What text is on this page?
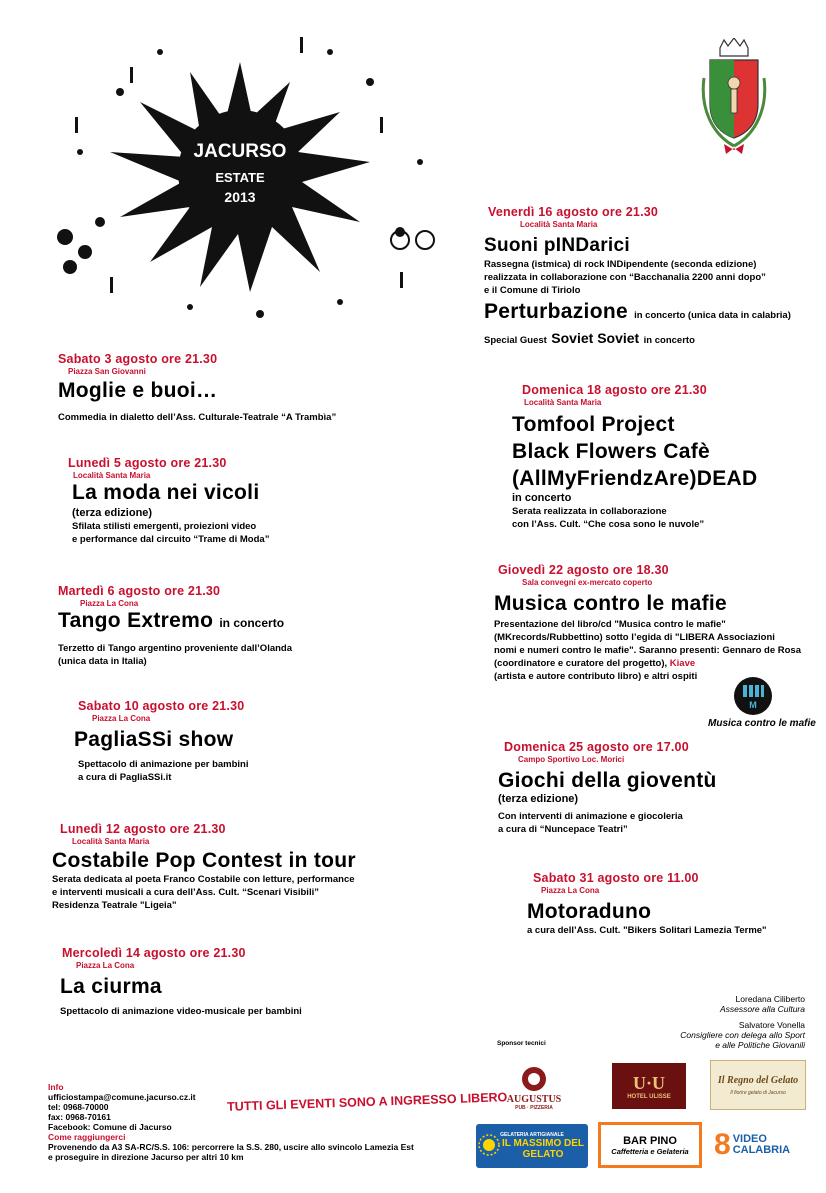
JACURSO
ESTATE
2013
Sabato 3 agosto ore 21.30
Piazza San Giovanni
Moglie e buoi…
Commedia in dialetto dell’Ass. Culturale-Teatrale “A Trambìa”
Lunedì 5 agosto ore 21.30
Località Santa Maria
La moda nei vicoli
(terza edizione)
Sfilata stilisti emergenti, proiezioni video
e performance dal circuito “Trame di Moda”
Martedì 6 agosto ore 21.30
Piazza La Cona
Tango Extremo in concerto
Terzetto di Tango argentino proveniente dall’Olanda
(unica data in Italia)
Sabato 10 agosto ore 21.30
Piazza La Cona
PagliaSSi show
Spettacolo di animazione per bambini
a cura di PagliaSSi.it
Lunedì 12 agosto ore 21.30
Località Santa Maria
Costabile Pop Contest in tour
Serata dedicata al poeta Franco Costabile con letture, performance
e interventi musicali a cura dell’Ass. Cult. “Scenari Visibili”
Residenza Teatrale "Ligeia"
Mercoledì 14 agosto ore 21.30
Piazza La Cona
La ciurma
Spettacolo di animazione video-musicale per bambini
Venerdì 16 agosto ore 21.30
Località Santa Maria
Suoni pINDarici
Rassegna (istmica) di rock INDipendente (seconda edizione)
realizzata in collaborazione con “Bacchanalia 2200 anni dopo”
e il Comune di Tiriolo
Perturbazione in concerto (unica data in calabria)
Special Guest Soviet Soviet in concerto
Domenica 18 agosto ore 21.30
Località Santa Maria
Tomfool Project
Black Flowers Cafè
(AllMyFriendzAre)DEAD
in concerto
Serata realizzata in collaborazione
con l’Ass. Cult. “Che cosa sono le nuvole”
Giovedì 22 agosto ore 18.30
Sala convegni ex-mercato coperto
Musica contro le mafie
Presentazione del libro/cd "Musica contro le mafie"
(MKrecords/Rubbettino) sotto l’egida di "LIBERA Associazioni
nomi e numeri contro le mafie". Saranno presenti: Gennaro de Rosa
(coordinatore e curatore del progetto), Kiave
(artista e autore contributo libro) e altri ospiti
M
Musica contro le mafie
Domenica 25 agosto ore 17.00
Campo Sportivo Loc. Morici
Giochi della gioventù
(terza edizione)
Con interventi di animazione e giocoleria
a cura di “Nuncepace Teatri”
Sabato 31 agosto ore 11.00
Piazza La Cona
Motoraduno
a cura dell’Ass. Cult. "Bikers Solitari Lamezia Terme"
Loredana Ciliberto
Assessore alla Cultura
Salvatore Vonella
Consigliere con delega allo Sport
e alle Politiche Giovanili
TUTTI GLI EVENTI SONO A INGRESSO LIBERO
Info
ufficiostampa@comune.jacurso.cz.it
tel: 0968-70000
fax: 0968-70161
Facebook: Comune di Jacurso
Come raggiungerci
Provenendo da A3 SA-RC/S.S. 106: percorrere la S.S. 280, uscire allo svincolo Lamezia Est
e proseguire in direzione Jacurso per altri 10 km
Sponsor tecnici
AUGUSTUS
PUB · PIZZERIA
U·U
HOTEL ULISSE
Il Regno del Gelato
Il fiorire gelato di Jacurso
GELATERIA ARTIGIANALE
IL MASSIMO DEL GELATO
BAR PINO
Caffetteria e Gelateria 8 VIDEO CALABRIA
